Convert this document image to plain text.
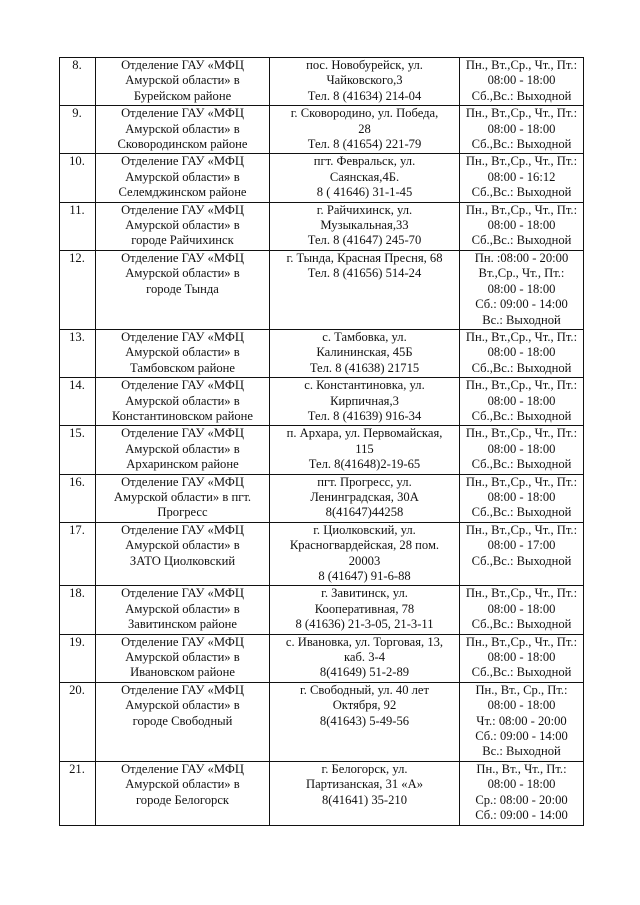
8.	Отделение ГАУ «МФЦ
Амурской области» в
Бурейском районе	пос. Новобурейск, ул.
Чайковского,3
Тел. 8 (41634) 214-04	Пн., Вт.,Ср., Чт., Пт.:
08:00 - 18:00
Сб.,Вс.: Выходной

9.	Отделение ГАУ «МФЦ
Амурской области» в
Сковородинском районе	г. Сковородино, ул. Победа,
28
Тел. 8 (41654) 221-79	Пн., Вт.,Ср., Чт., Пт.:
08:00 - 18:00
Сб.,Вс.: Выходной

10.	Отделение ГАУ «МФЦ
Амурской области» в
Селемджинском районе	пгт. Февральск, ул.
Саянская,4Б.
8 ( 41646) 31-1-45	Пн., Вт.,Ср., Чт., Пт.:
08:00 - 16:12
Сб.,Вс.: Выходной

11.	Отделение ГАУ «МФЦ
Амурской области» в
городе Райчихинск	г. Райчихинск, ул.
Музыкальная,33
Тел. 8 (41647) 245-70	Пн., Вт.,Ср., Чт., Пт.:
08:00 - 18:00
Сб.,Вс.: Выходной

12.	Отделение ГАУ «МФЦ
Амурской области» в
городе Тында	г. Тында, Красная Пресня, 68
Тел. 8 (41656) 514-24	Пн. :08:00 - 20:00
Вт.,Ср., Чт., Пт.:
08:00 - 18:00
Сб.: 09:00 - 14:00
Вс.: Выходной

13.	Отделение ГАУ «МФЦ
Амурской области» в
Тамбовском районе	с. Тамбовка, ул.
Калининская, 45Б
Тел. 8 (41638) 21715	Пн., Вт.,Ср., Чт., Пт.:
08:00 - 18:00
Сб.,Вс.: Выходной

14.	Отделение ГАУ «МФЦ
Амурской области» в
Константиновском районе	с. Константиновка, ул.
Кирпичная,3
Тел. 8 (41639) 916-34	Пн., Вт.,Ср., Чт., Пт.:
08:00 - 18:00
Сб.,Вс.: Выходной

15.	Отделение ГАУ «МФЦ
Амурской области» в
Архаринском районе	п. Архара, ул. Первомайская,
115
Тел. 8(41648)2-19-65	Пн., Вт.,Ср., Чт., Пт.:
08:00 - 18:00
Сб.,Вс.: Выходной

16.	Отделение ГАУ «МФЦ
Амурской области» в пгт.
Прогресс	пгт. Прогресс, ул.
Ленинградская, 30А
8(41647)44258	Пн., Вт.,Ср., Чт., Пт.:
08:00 - 18:00
Сб.,Вс.: Выходной

17.	Отделение ГАУ «МФЦ
Амурской области» в
ЗАТО Циолковский	г. Циолковский, ул.
Красногвардейская, 28 пом.
20003
8 (41647) 91-6-88	Пн., Вт.,Ср., Чт., Пт.:
08:00 - 17:00
Сб.,Вс.: Выходной

18.	Отделение ГАУ «МФЦ
Амурской области» в
Завитинском районе	г. Завитинск, ул.
Кооперативная, 78
8 (41636) 21-3-05, 21-3-11	Пн., Вт.,Ср., Чт., Пт.:
08:00 - 18:00
Сб.,Вс.: Выходной

19.	Отделение ГАУ «МФЦ
Амурской области» в
Ивановском районе	с. Ивановка, ул. Торговая, 13,
каб. 3-4
8(41649) 51-2-89	Пн., Вт.,Ср., Чт., Пт.:
08:00 - 18:00
Сб.,Вс.: Выходной

20.	Отделение ГАУ «МФЦ
Амурской области» в
городе Свободный	г. Свободный, ул. 40 лет
Октября, 92
8(41643) 5-49-56	Пн., Вт., Ср., Пт.:
08:00 - 18:00
Чт.: 08:00 - 20:00
Сб.: 09:00 - 14:00
Вс.: Выходной

21.	Отделение ГАУ «МФЦ
Амурской области» в
городе Белогорск	г. Белогорск, ул.
Партизанская, 31 «А»
8(41641) 35-210	Пн., Вт., Чт., Пт.:
08:00 - 18:00
Ср.: 08:00 - 20:00
Сб.: 09:00 - 14:00
